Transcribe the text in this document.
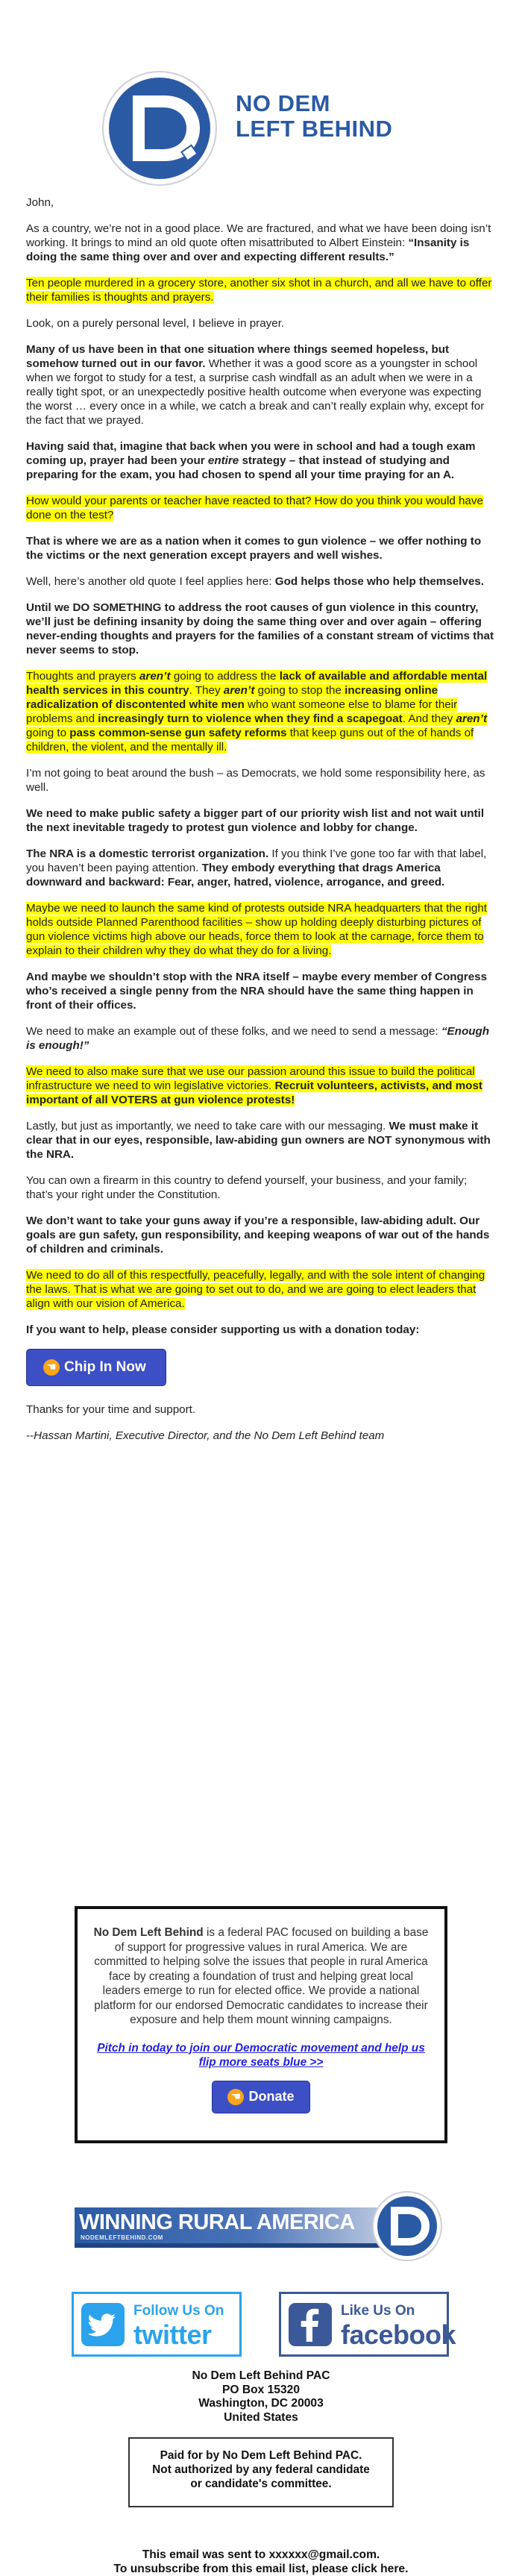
NO DEM
LEFT BEHIND

John,

As a country, we’re not in a good place. We are fractured, and what we have been doing isn’t working. It brings to mind an old quote often misattributed to Albert Einstein: “Insanity is doing the same thing over and over and expecting different results.”

Ten people murdered in a grocery store, another six shot in a church, and all we have to offer their families is thoughts and prayers.

Look, on a purely personal level, I believe in prayer.

Many of us have been in that one situation where things seemed hopeless, but somehow turned out in our favor. Whether it was a good score as a youngster in school when we forgot to study for a test, a surprise cash windfall as an adult when we were in a really tight spot, or an unexpectedly positive health outcome when everyone was expecting the worst … every once in a while, we catch a break and can’t really explain why, except for the fact that we prayed.

Having said that, imagine that back when you were in school and had a tough exam coming up, prayer had been your entire strategy – that instead of studying and preparing for the exam, you had chosen to spend all your time praying for an A.

How would your parents or teacher have reacted to that? How do you think you would have done on the test?

That is where we are as a nation when it comes to gun violence – we offer nothing to the victims or the next generation except prayers and well wishes.

Well, here’s another old quote I feel applies here: God helps those who help themselves.

Until we DO SOMETHING to address the root causes of gun violence in this country, we’ll just be defining insanity by doing the same thing over and over again – offering never-ending thoughts and prayers for the families of a constant stream of victims that never seems to stop.

Thoughts and prayers aren’t going to address the lack of available and affordable mental health services in this country. They aren’t going to stop the increasing online radicalization of discontented white men who want someone else to blame for their problems and increasingly turn to violence when they find a scapegoat. And they aren’t going to pass common-sense gun safety reforms that keep guns out of the of hands of children, the violent, and the mentally ill.

I’m not going to beat around the bush – as Democrats, we hold some responsibility here, as well.

We need to make public safety a bigger part of our priority wish list and not wait until the next inevitable tragedy to protest gun violence and lobby for change.

The NRA is a domestic terrorist organization. If you think I’ve gone too far with that label, you haven’t been paying attention. They embody everything that drags America downward and backward: Fear, anger, hatred, violence, arrogance, and greed.

Maybe we need to launch the same kind of protests outside NRA headquarters that the right holds outside Planned Parenthood facilities – show up holding deeply disturbing pictures of gun violence victims high above our heads, force them to look at the carnage, force them to explain to their children why they do what they do for a living.

And maybe we shouldn’t stop with the NRA itself – maybe every member of Congress who’s received a single penny from the NRA should have the same thing happen in front of their offices.

We need to make an example out of these folks, and we need to send a message: “Enough is enough!”

We need to also make sure that we use our passion around this issue to build the political infrastructure we need to win legislative victories. Recruit volunteers, activists, and most important of all VOTERS at gun violence protests!

Lastly, but just as importantly, we need to take care with our messaging. We must make it clear that in our eyes, responsible, law-abiding gun owners are NOT synonymous with the NRA.

You can own a firearm in this country to defend yourself, your business, and your family; that’s your right under the Constitution.

We don’t want to take your guns away if you’re a responsible, law-abiding adult. Our goals are gun safety, gun responsibility, and keeping weapons of war out of the hands of children and criminals.

We need to do all of this respectfully, peacefully, legally, and with the sole intent of changing the laws. That is what we are going to set out to do, and we are going to elect leaders that align with our vision of America.

If you want to help, please consider supporting us with a donation today:

☚ Chip In Now

Thanks for your time and support.

--Hassan Martini, Executive Director, and the No Dem Left Behind team

No Dem Left Behind is a federal PAC focused on building a base of support for progressive values in rural America. We are committed to helping solve the issues that people in rural America face by creating a foundation of trust and helping great local leaders emerge to run for elected office. We provide a national platform for our endorsed Democratic candidates to increase their exposure and help them mount winning campaigns.
Pitch in today to join our Democratic movement and help us flip more seats blue >>
☚ Donate
WINNING RURAL AMERICA
NODEMLEFTBEHIND.COM
Follow Us On
twitter
Like Us On
facebook
No Dem Left Behind PAC
PO Box 15320
Washington, DC 20003
United States
Paid for by No Dem Left Behind PAC.
Not authorized by any federal candidate
or candidate's committee.
This email was sent to xxxxxx@gmail.com.
To unsubscribe from this email list, please click here.
